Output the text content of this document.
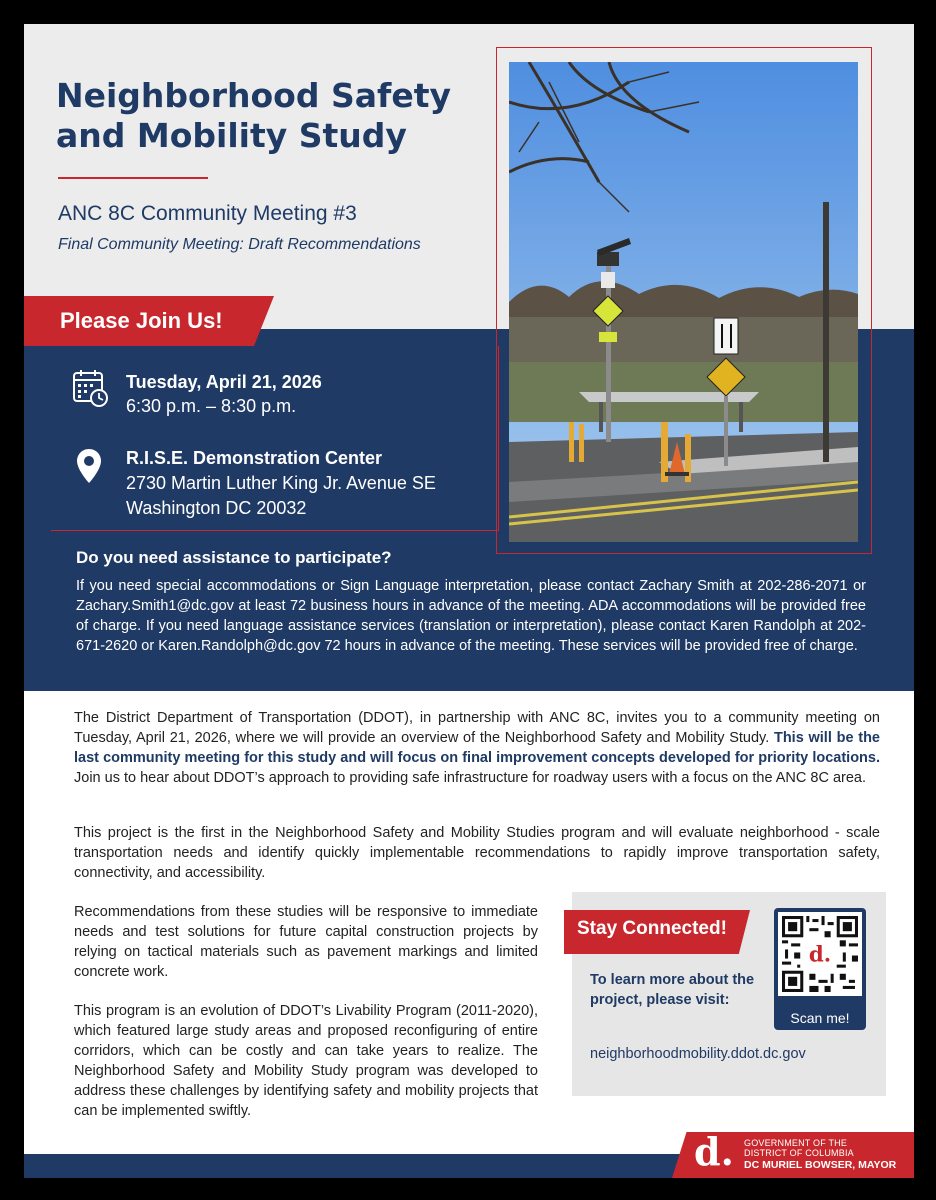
Neighborhood Safety
and Mobility Study
ANC 8C Community Meeting #3
Final Community Meeting: Draft Recommendations
Please Join Us!
Tuesday, April 21, 2026
6:30 p.m. – 8:30 p.m.
R.I.S.E. Demonstration Center
2730 Martin Luther King Jr. Avenue SE
Washington DC 20032
Do you need assistance to participate?

If you need special accommodations or Sign Language interpretation, please contact Zachary Smith at 202-286-2071 or Zachary.Smith1@dc.gov at least 72 business hours in advance of the meeting. ADA accommodations will be provided free of charge. If you need language assistance services (translation or interpretation), please contact Karen Randolph at 202-671-2620 or Karen.Randolph@dc.gov 72 hours in advance of the meeting. These services will be provided free of charge.

The District Department of Transportation (DDOT), in partnership with ANC 8C, invites you to a community meeting on Tuesday, April 21, 2026, where we will provide an overview of the Neighborhood Safety and Mobility Study. This will be the last community meeting for this study and will focus on final improvement concepts developed for priority locations. Join us to hear about DDOT’s approach to providing safe infrastructure for roadway users with a focus on the ANC 8C area.

This project is the first in the Neighborhood Safety and Mobility Studies program and will evaluate neighborhood - scale transportation needs and identify quickly implementable recommendations to rapidly improve transportation safety, connectivity, and accessibility.

Recommendations from these studies will be responsive to immediate needs and test solutions for future capital construction projects by relying on tactical materials such as pavement markings and limited concrete work.

This program is an evolution of DDOT’s Livability Program (2011-2020), which featured large study areas and proposed reconfiguring of entire corridors, which can be costly and can take years to realize. The Neighborhood Safety and Mobility Study program was developed to address these challenges by identifying safety and mobility projects that can be implemented swiftly.

Stay Connected!

To learn more about the project, please visit:

neighborhoodmobility.ddot.dc.gov
d.
Scan me!
d. GOVERNMENT OF THE
DISTRICT OF COLUMBIA
DC MURIEL BOWSER, MAYOR
